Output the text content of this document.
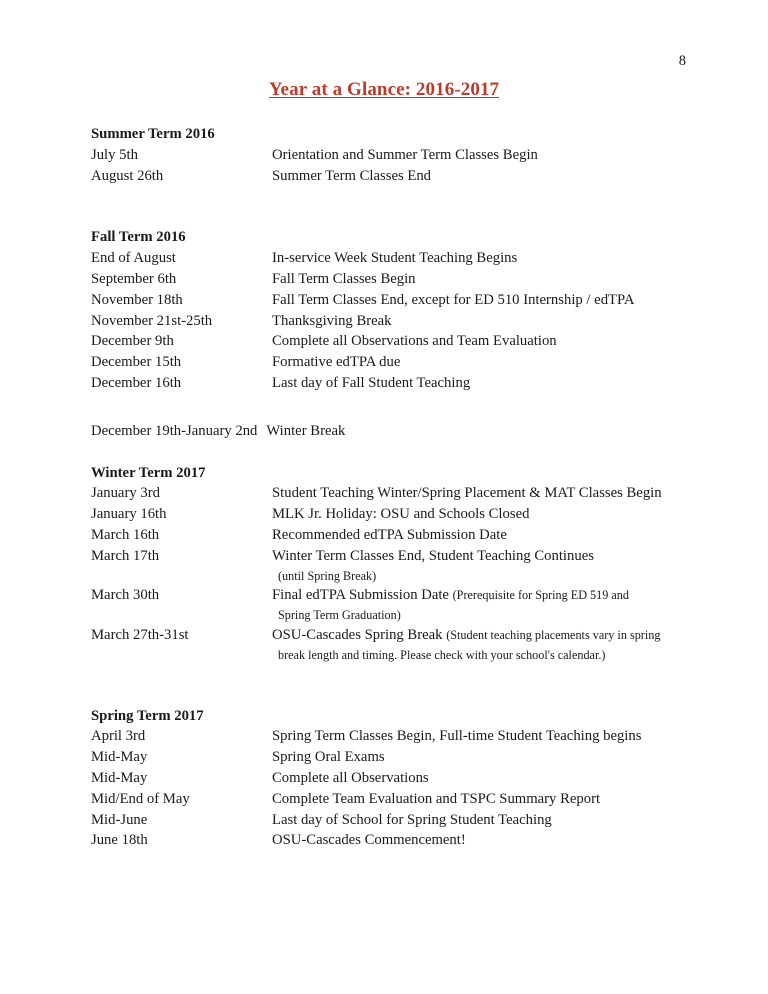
8
Year at a Glance: 2016-2017
Summer Term 2016
July 5th	Orientation and Summer Term Classes Begin
August 26th	Summer Term Classes End
Fall Term 2016
End of August	In-service Week Student Teaching Begins
September 6th	Fall Term Classes Begin
November 18th	Fall Term Classes End, except for ED 510 Internship / edTPA
November 21st-25th	Thanksgiving Break
December 9th	Complete all Observations and Team Evaluation
December 15th	Formative edTPA due
December 16th	Last day of Fall Student Teaching
December 19th-January 2nd Winter Break
Winter Term 2017
January 3rd	Student Teaching Winter/Spring Placement & MAT Classes Begin
January 16th	MLK Jr. Holiday: OSU and Schools Closed
March 16th	Recommended edTPA Submission Date
March 17th	Winter Term Classes End, Student Teaching Continues
(until Spring Break)
March 30th	Final edTPA Submission Date (Prerequisite for Spring ED 519 and
Spring Term Graduation)
March 27th-31st	OSU-Cascades Spring Break (Student teaching placements vary in spring
break length and timing. Please check with your school's calendar.)
Spring Term 2017
April 3rd	Spring Term Classes Begin, Full-time Student Teaching begins
Mid-May	Spring Oral Exams
Mid-May	Complete all Observations
Mid/End of May	Complete Team Evaluation and TSPC Summary Report
Mid-June	Last day of School for Spring Student Teaching
June 18th	OSU-Cascades Commencement!
